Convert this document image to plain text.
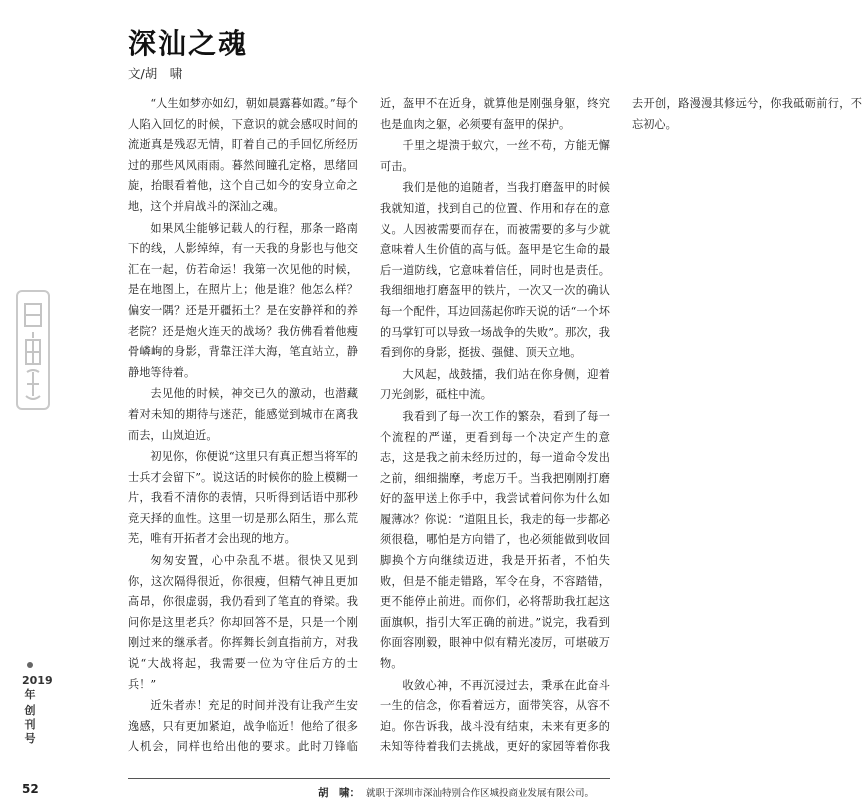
深汕之魂
文/胡　啸

“人生如梦亦如幻，朝如晨露暮如霞。”每个人陷入回忆的时候，下意识的就会感叹时间的流逝真是残忍无情，盯着自己的手回忆所经历过的那些风风雨雨。暮然间瞳孔定格，思绪回旋，抬眼看着他，这个自己如今的安身立命之地，这个并肩战斗的深汕之魂。

如果风尘能够记载人的行程，那条一路南下的线，人影绰绰，有一天我的身影也与他交汇在一起，仿若命运！我第一次见他的时候，是在地图上，在照片上；他是谁？他怎么样？偏安一隅？还是开疆拓土？是在安静祥和的养老院？还是炮火连天的战场？我仿佛看着他瘦骨嶙峋的身影，背靠汪洋大海，笔直站立，静静地等待着。

去见他的时候，神交已久的激动，也潜藏着对未知的期待与迷茫，能感觉到城市在离我而去，山岚迫近。

初见你，你便说“这里只有真正想当将军的士兵才会留下”。说这话的时候你的脸上模糊一片，我看不清你的表情，只听得到话语中那秒竞天择的血性。这里一切是那么陌生，那么荒芜，唯有开拓者才会出现的地方。

匆匆安置，心中杂乱不堪。很快又见到你，这次隔得很近，你很瘦，但精气神且更加高昂，你很虚弱，我仍看到了笔直的脊梁。我问你是这里老兵？你却回答不是，只是一个刚刚过来的继承者。你挥舞长剑直指前方，对我说“大战将起，我需要一位为守住后方的士兵！”

近朱者赤！充足的时间并没有让我产生安逸感，只有更加紧迫，战争临近！他给了很多人机会，同样也给出他的要求。此时刀锋临近，盔甲不在近身，就算他是刚强身躯，终究也是血肉之躯，必须要有盔甲的保护。

千里之堤溃于蚁穴，一丝不苟，方能无懈可击。

我们是他的追随者，当我打磨盔甲的时候我就知道，找到自己的位置、作用和存在的意义。人因被需要而存在，而被需要的多与少就意味着人生价值的高与低。盔甲是它生命的最后一道防线，它意味着信任，同时也是责任。我细细地打磨盔甲的铁片，一次又一次的确认每一个配件，耳边回荡起你昨天说的话“一个坏的马掌钉可以导致一场战争的失败”。那次，我看到你的身影，挺拔、强健、顶天立地。

大风起，战鼓擂，我们站在你身侧，迎着刀光剑影，砥柱中流。

我看到了每一次工作的繁杂，看到了每一个流程的严谨，更看到每一个决定产生的意志，这是我之前未经历过的，每一道命令发出之前，细细揣摩，考虑万千。当我把刚刚打磨好的盔甲送上你手中，我尝试着问你为什么如履薄冰？你说：“道阻且长，我走的每一步都必须很稳，哪怕是方向错了，也必须能做到收回脚换个方向继续迈进，我是开拓者，不怕失败，但是不能走错路，军令在身，不容踏错，更不能停止前进。而你们，必将帮助我扛起这面旗帜，指引大军正确的前进。”说完，我看到你面容刚毅，眼神中似有精光凌厉，可堪破万物。

收敛心神，不再沉浸过去，秉承在此奋斗一生的信念，你看着远方，面带笑容，从容不迫。你告诉我，战斗没有结束，未来有更多的未知等待着我们去挑战，更好的家园等着你我去开创，路漫漫其修远兮，你我砥砺前行，不忘初心。

2019年
创刊号
52	胡　啸： 就职于深圳市深汕特别合作区城投商业发展有限公司。
